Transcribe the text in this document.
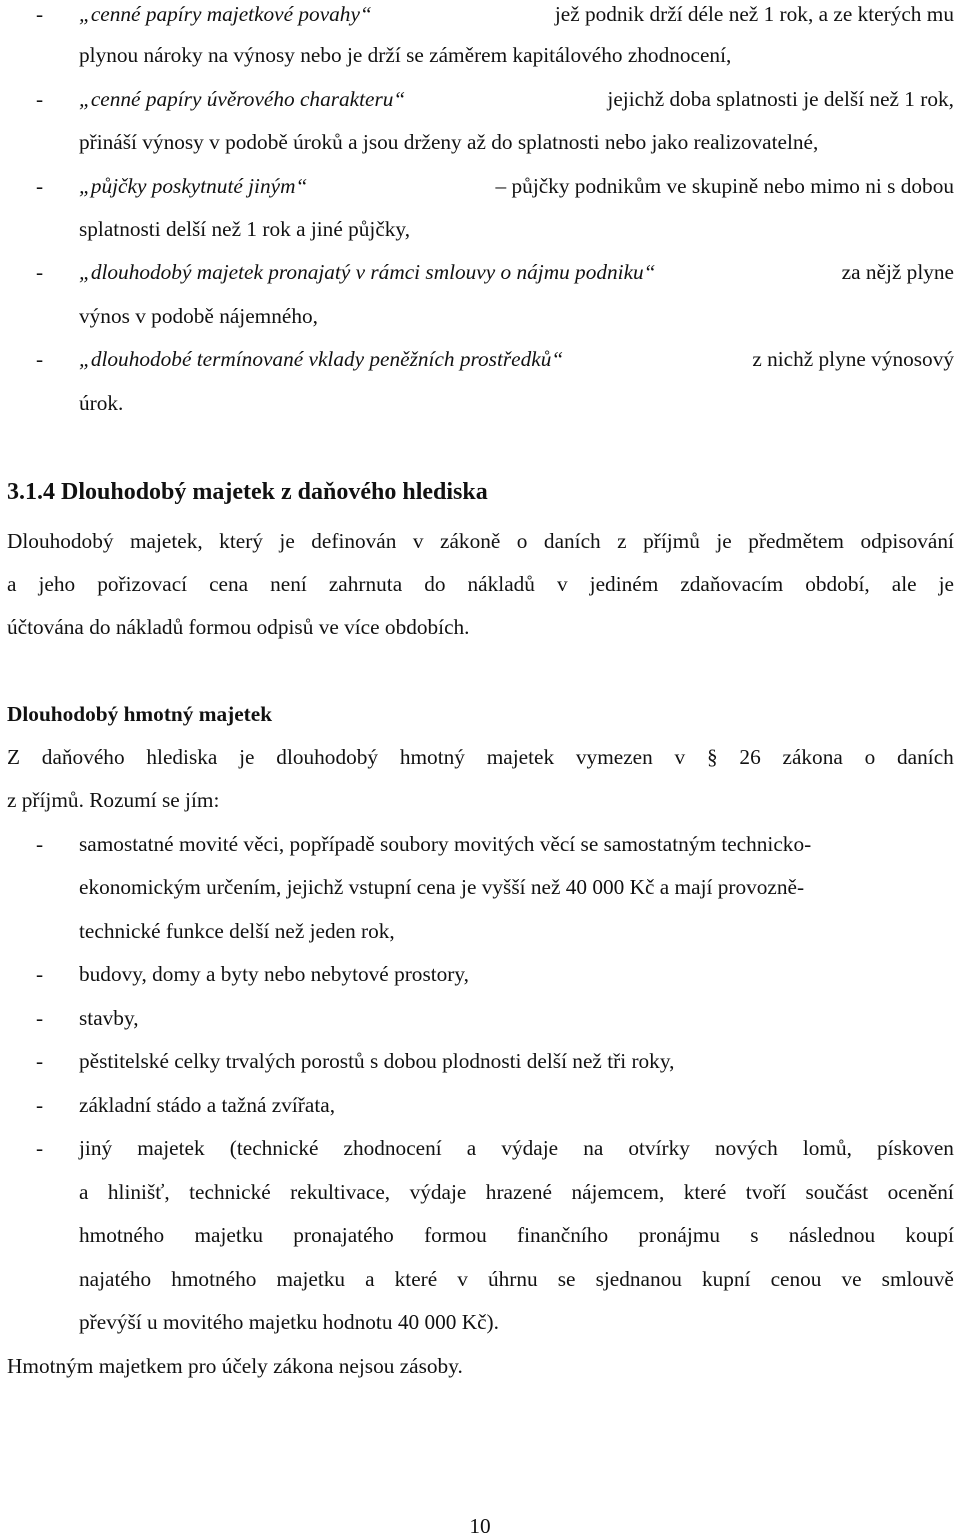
- „cenné papíry majetkové povahy“	jež podnik drží déle než 1 rok, a ze kterých mu
plynou nároky na výnosy nebo je drží se záměrem kapitálového zhodnocení,
- „cenné papíry úvěrového charakteru“	jejichž doba splatnosti je delší než 1 rok,
přináší výnosy v podobě úroků a jsou drženy až do splatnosti nebo jako realizovatelné,
- „půjčky poskytnuté jiným“	– půjčky podnikům ve skupině nebo mimo ni s dobou
splatnosti delší než 1 rok a jiné půjčky,
- „dlouhodobý majetek pronajatý v rámci smlouvy o nájmu podniku“	za nějž plyne
výnos v podobě nájemného,
- „dlouhodobé termínované vklady peněžních prostředků“	z nichž plyne výnosový
úrok.
3.1.4 Dlouhodobý majetek z daňového hlediska
Dlouhodobý majetek, který je definován v zákoně o daních z příjmů je předmětem odpisování
a jeho pořizovací cena není zahrnuta do nákladů v jediném zdaňovacím období, ale je
účtována do nákladů formou odpisů ve více obdobích.
Dlouhodobý hmotný majetek
Z daňového hlediska je dlouhodobý hmotný majetek vymezen v § 26 zákona o daních
z příjmů. Rozumí se jím:
- samostatné movité věci, popřípadě soubory movitých věcí se samostatným technicko-
ekonomickým určením, jejichž vstupní cena je vyšší než 40 000 Kč a mají provozně-
technické funkce delší než jeden rok,
- budovy, domy a byty nebo nebytové prostory,
- stavby,
- pěstitelské celky trvalých porostů s dobou plodnosti delší než tři roky,
- základní stádo a tažná zvířata,
- jiný majetek (technické zhodnocení a výdaje na otvírky nových lomů, pískoven
a hlinišť, technické rekultivace, výdaje hrazené nájemcem, které tvoří součást ocenění
hmotného majetku pronajatého formou finančního pronájmu s následnou koupí
najatého hmotného majetku a které v úhrnu se sjednanou kupní cenou ve smlouvě
převýší u movitého majetku hodnotu 40 000 Kč).
Hmotným majetkem pro účely zákona nejsou zásoby.
10
